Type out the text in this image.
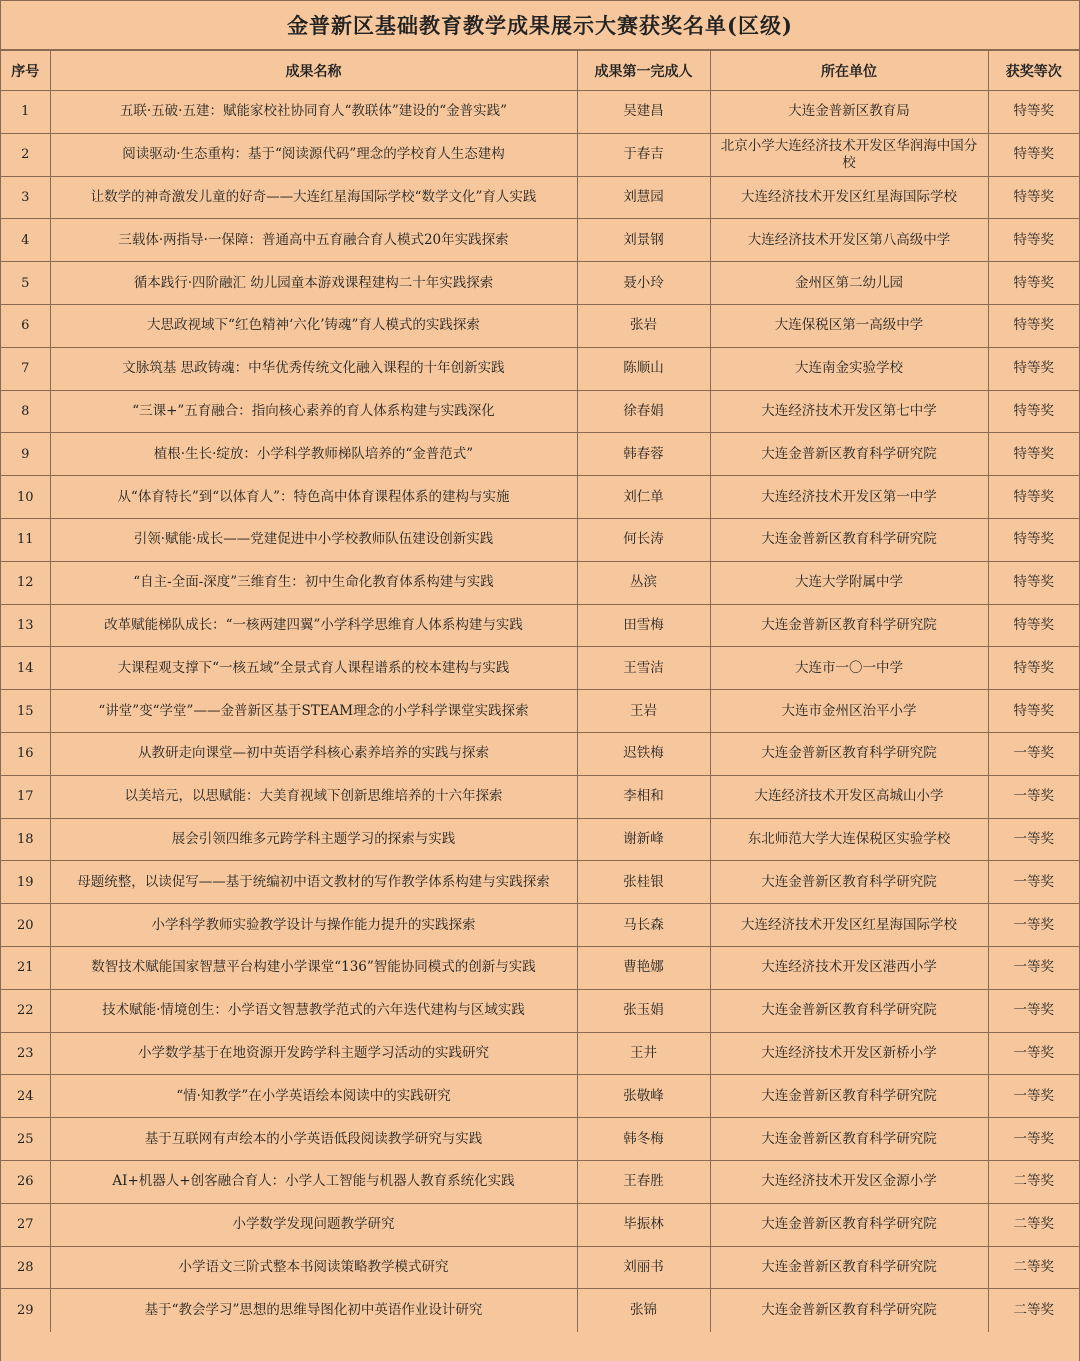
金普新区基础教育教学成果展示大赛获奖名单(区级)
序号	成果名称	成果第一完成人	所在单位	获奖等次
1	五联·五破·五建：赋能家校社协同育人“教联体”建设的“金普实践”	吴建昌	大连金普新区教育局	特等奖
2	阅读驱动·生态重构：基于“阅读源代码”理念的学校育人生态建构	于春吉	北京小学大连经济技术开发区华润海中国分校	特等奖
3	让数学的神奇激发儿童的好奇——大连红星海国际学校“数学文化”育人实践	刘慧园	大连经济技术开发区红星海国际学校	特等奖
4	三载体·两指导·一保障：普通高中五育融合育人模式20年实践探索	刘景钢	大连经济技术开发区第八高级中学	特等奖
5	循本践行·四阶融汇 幼儿园童本游戏课程建构二十年实践探索	聂小玲	金州区第二幼儿园	特等奖
6	大思政视域下“红色精神‘六化’铸魂”育人模式的实践探索	张岩	大连保税区第一高级中学	特等奖
7	文脉筑基 思政铸魂：中华优秀传统文化融入课程的十年创新实践	陈顺山	大连南金实验学校	特等奖
8	“三课+”五育融合：指向核心素养的育人体系构建与实践深化	徐春娟	大连经济技术开发区第七中学	特等奖
9	植根·生长·绽放：小学科学教师梯队培养的“金普范式”	韩春蓉	大连金普新区教育科学研究院	特等奖
10	从“体育特长”到“以体育人”：特色高中体育课程体系的建构与实施	刘仁单	大连经济技术开发区第一中学	特等奖
11	引领·赋能·成长——党建促进中小学校教师队伍建设创新实践	何长涛	大连金普新区教育科学研究院	特等奖
12	“自主-全面-深度”三维育生：初中生命化教育体系构建与实践	丛滨	大连大学附属中学	特等奖
13	改革赋能梯队成长：“一核两建四翼”小学科学思维育人体系构建与实践	田雪梅	大连金普新区教育科学研究院	特等奖
14	大课程观支撑下“一核五域”全景式育人课程谱系的校本建构与实践	王雪洁	大连市一〇一中学	特等奖
15	“讲堂”变“学堂”——金普新区基于STEAM理念的小学科学课堂实践探索	王岩	大连市金州区治平小学	特等奖
16	从教研走向课堂—初中英语学科核心素养培养的实践与探索	迟铁梅	大连金普新区教育科学研究院	一等奖
17	以美培元，以思赋能：大美育视域下创新思维培养的十六年探索	李相和	大连经济技术开发区高城山小学	一等奖
18	展会引领四维多元跨学科主题学习的探索与实践	谢新峰	东北师范大学大连保税区实验学校	一等奖
19	母题统整，以读促写——基于统编初中语文教材的写作教学体系构建与实践探索	张桂银	大连金普新区教育科学研究院	一等奖
20	小学科学教师实验教学设计与操作能力提升的实践探索	马长森	大连经济技术开发区红星海国际学校	一等奖
21	数智技术赋能国家智慧平台构建小学课堂“136”智能协同模式的创新与实践	曹艳娜	大连经济技术开发区港西小学	一等奖
22	技术赋能·情境创生：小学语文智慧教学范式的六年迭代建构与区域实践	张玉娟	大连金普新区教育科学研究院	一等奖
23	小学数学基于在地资源开发跨学科主题学习活动的实践研究	王井	大连经济技术开发区新桥小学	一等奖
24	“情·知教学”在小学英语绘本阅读中的实践研究	张敬峰	大连金普新区教育科学研究院	一等奖
25	基于互联网有声绘本的小学英语低段阅读教学研究与实践	韩冬梅	大连金普新区教育科学研究院	一等奖
26	AI+机器人+创客融合育人：小学人工智能与机器人教育系统化实践	王春胜	大连经济技术开发区金源小学	二等奖
27	小学数学发现问题教学研究	毕振林	大连金普新区教育科学研究院	二等奖
28	小学语文三阶式整本书阅读策略教学模式研究	刘丽书	大连金普新区教育科学研究院	二等奖
29	基于“教会学习”思想的思维导图化初中英语作业设计研究	张锦	大连金普新区教育科学研究院	二等奖
